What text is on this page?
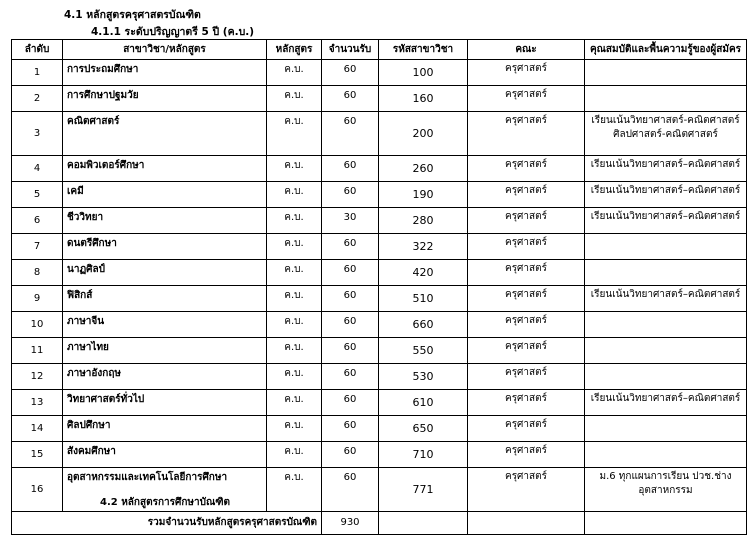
4.1 หลักสูตรครุศาสตรบัณฑิต
4.1.1 ระดับปริญญาตรี 5 ปี (ค.บ.)
ลำดับ	สาขาวิชา/หลักสูตร	หลักสูตร	จำนวนรับ	รหัสสาขาวิชา	คณะ	คุณสมบัติและพื้นความรู้ของผู้สมัคร
1	การประถมศึกษา	ค.บ.	60	100	ครุศาสตร์	
2	การศึกษาปฐมวัย	ค.บ.	60	160	ครุศาสตร์	
3	คณิตศาสตร์	ค.บ.	60	200	ครุศาสตร์	เรียนเน้นวิทยาศาสตร์-คณิตศาสตร์
ศิลปศาสตร์-คณิตศาสตร์

4	คอมพิวเตอร์ศึกษา	ค.บ.	60	260	ครุศาสตร์	เรียนเน้นวิทยาศาสตร์–คณิตศาสตร์

5	เคมี	ค.บ.	60	190	ครุศาสตร์	เรียนเน้นวิทยาศาสตร์–คณิตศาสตร์

6	ชีววิทยา	ค.บ.	30	280	ครุศาสตร์	เรียนเน้นวิทยาศาสตร์–คณิตศาสตร์

7	ดนตรีศึกษา	ค.บ.	60	322	ครุศาสตร์	
8	นาฏศิลป์	ค.บ.	60	420	ครุศาสตร์	
9	ฟิสิกส์	ค.บ.	60	510	ครุศาสตร์	เรียนเน้นวิทยาศาสตร์–คณิตศาสตร์

10	ภาษาจีน	ค.บ.	60	660	ครุศาสตร์	
11	ภาษาไทย	ค.บ.	60	550	ครุศาสตร์	
12	ภาษาอังกฤษ	ค.บ.	60	530	ครุศาสตร์	
13	วิทยาศาสตร์ทั่วไป	ค.บ.	60	610	ครุศาสตร์	เรียนเน้นวิทยาศาสตร์–คณิตศาสตร์

14	ศิลปศึกษา	ค.บ.	60	650	ครุศาสตร์	
15	สังคมศึกษา	ค.บ.	60	710	ครุศาสตร์	
16	อุตสาหกรรมและเทคโนโลยีการศึกษา	ค.บ.	60	771	ครุศาสตร์	ม.6 ทุกแผนการเรียน ปวช.ช่าง
อุตสาหกรรม

รวมจำนวนรับหลักสูตรครุศาสตรบัณฑิต			930			
4.2 หลักสูตรการศึกษาบัณฑิต
